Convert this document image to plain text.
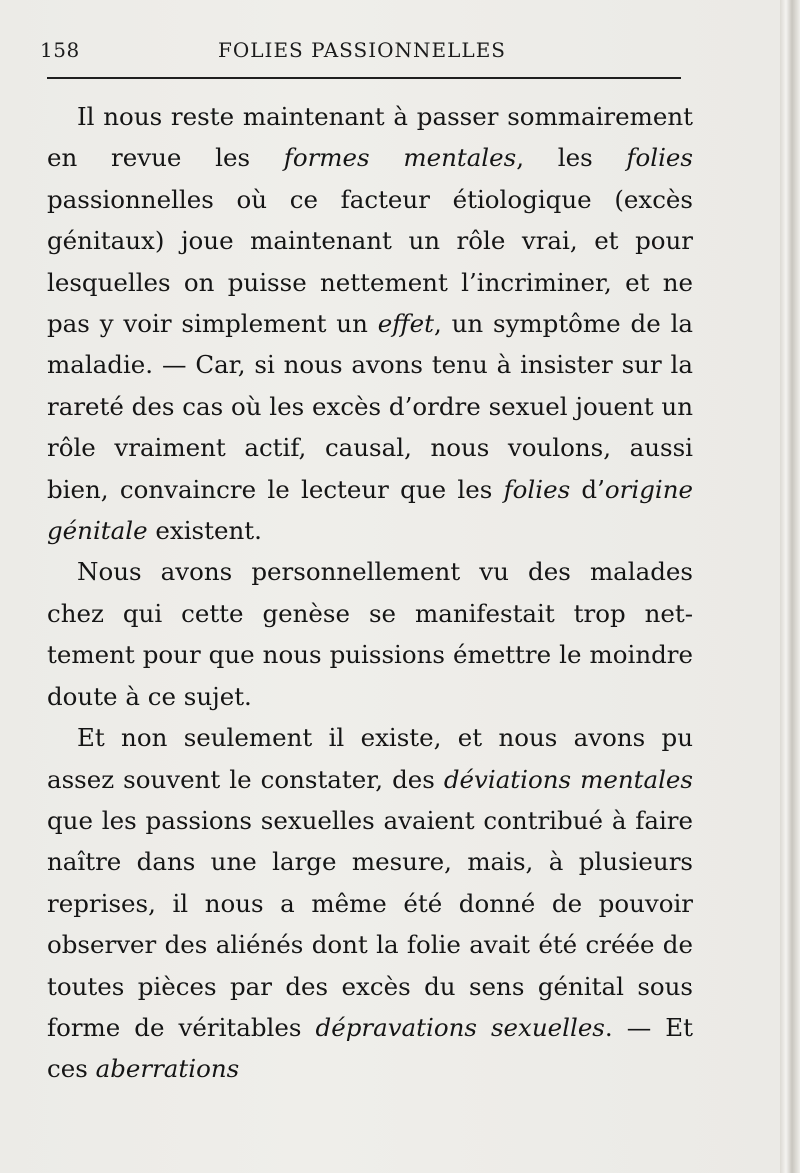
158	FOLIES PASSIONNELLES

Il nous reste maintenant à passer sommairement en revue les formes mentales, les folies passionnelles où ce facteur étiologique (excès génitaux) joue maintenant un rôle vrai, et pour lesquelles on puisse nettement l’incriminer, et ne pas y voir simplement un effet, un symptôme de la maladie. — Car, si nous avons tenu à insister sur la rareté des cas où les excès d’ordre sexuel jouent un rôle vraiment actif, causal, nous voulons, aussi bien, convaincre le lecteur que les folies d’origine génitale existent.

Nous avons personnellement vu des malades chez qui cette genèse se manifestait trop nettement pour que nous puissions émettre le moindre doute à ce sujet.

Et non seulement il existe, et nous avons pu assez souvent le constater, des déviations mentales que les passions sexuelles avaient contribué à faire naître dans une large mesure, mais, à plusieurs reprises, il nous a même été donné de pouvoir observer des aliénés dont la folie avait été créée de toutes pièces par des excès du sens génital sous forme de véritables dépravations sexuelles. — Et ces aberrations
